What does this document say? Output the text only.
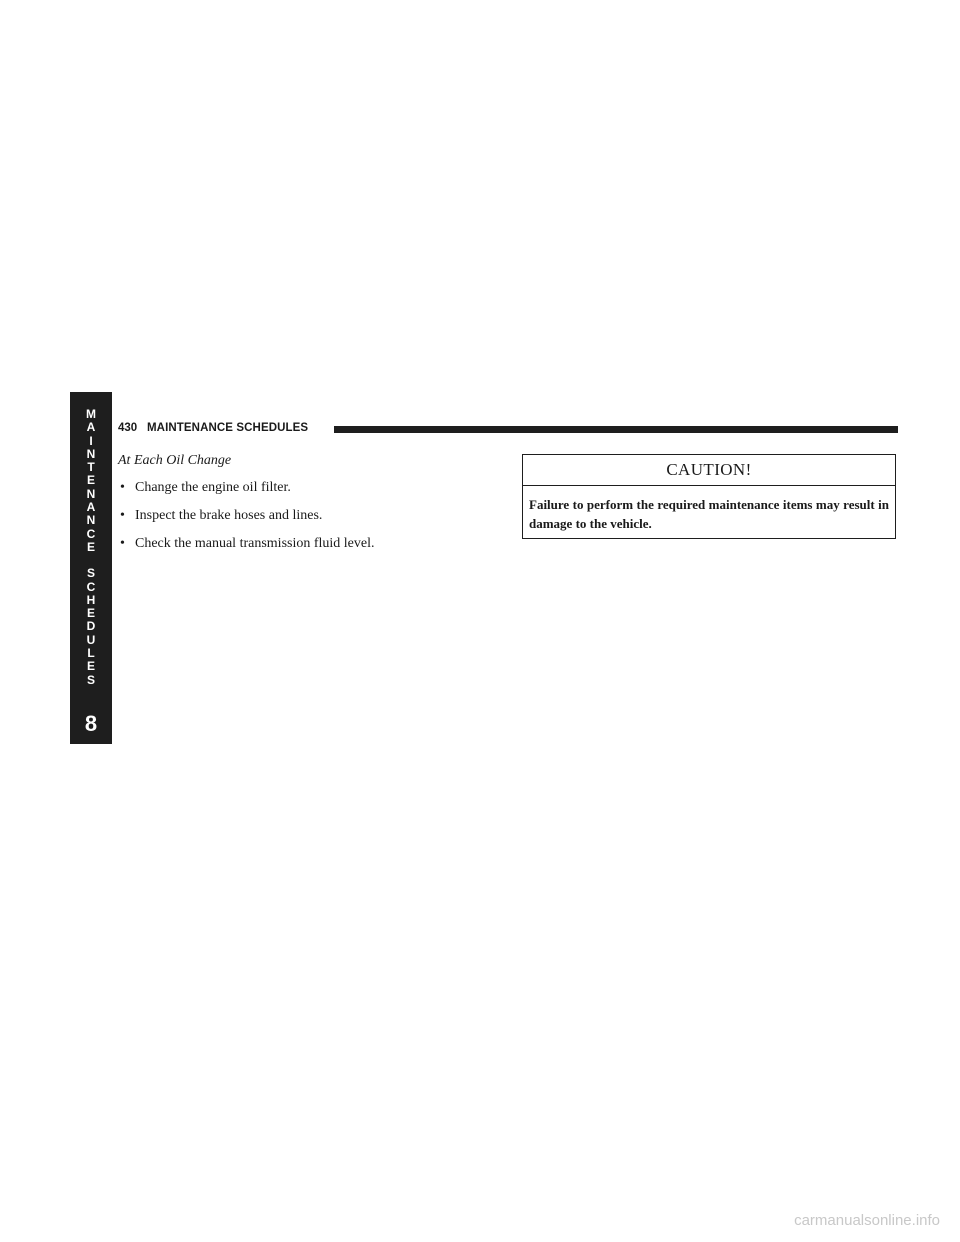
M
A
I
N
T
E
N
A
N
C
E
S
C
H
E
D
U
L
E
S
8
430 MAINTENANCE SCHEDULES

At Each Oil Change

• Change the engine oil filter.
• Inspect the brake hoses and lines.
• Check the manual transmission fluid level.
CAUTION!
Failure to perform the required maintenance items may result in damage to the vehicle.
carmanualsonline.info
